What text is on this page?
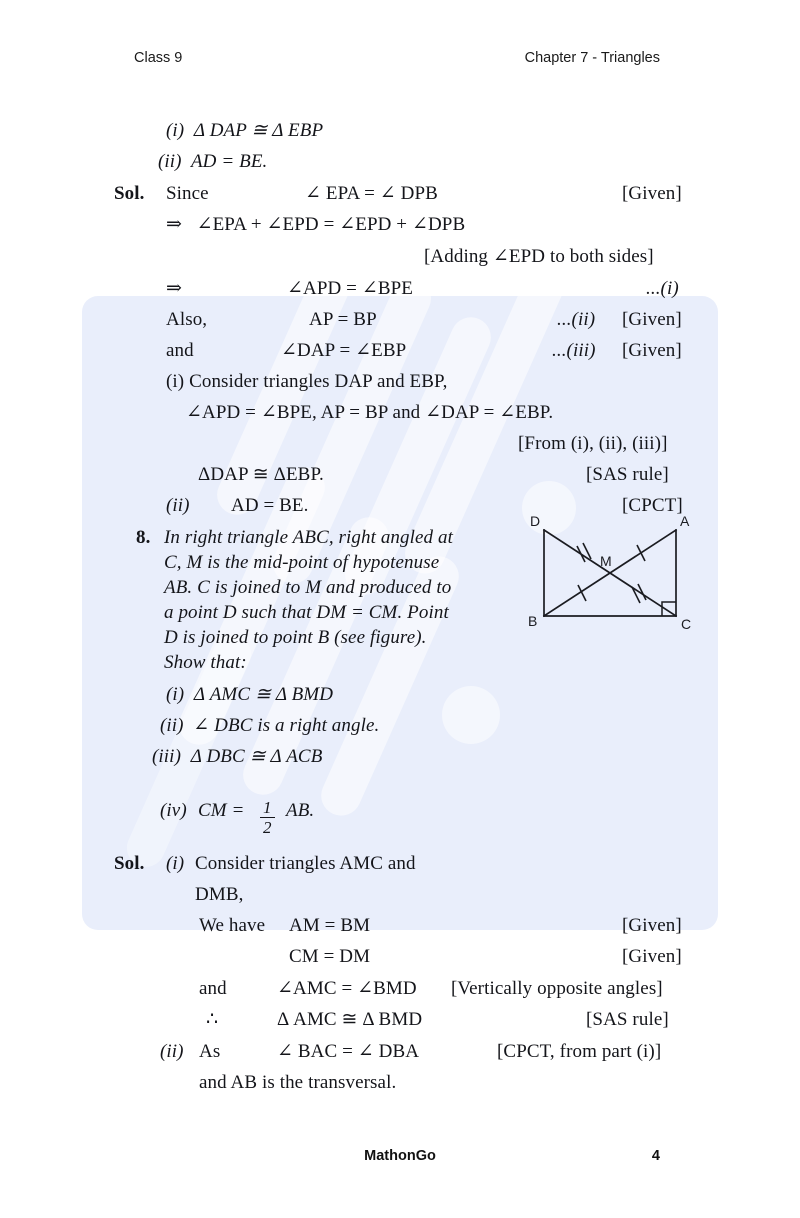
Class 9	Chapter 7 - Triangles
D	A
M
B	C
(i)  Δ DAP ≅ Δ EBP
(ii)  AD = BE.
Sol. Since	∠ EPA = ∠ DPB	[Given]
⇒   ∠EPA + ∠EPD = ∠EPD + ∠DPB
[Adding ∠EPD to both sides]
⇒	∠APD = ∠BPE	...(i)
Also,	AP = BP	...(ii) [Given]
and	∠DAP = ∠EBP	...(iii) [Given]
(i) Consider triangles DAP and EBP,
∠APD = ∠BPE, AP = BP and ∠DAP = ∠EBP.
[From (i), (ii), (iii)]
ΔDAP ≅ ΔEBP.	[SAS rule]
(ii) AD = BE.	[CPCT]
8. In right triangle ABC, right angled at
C, M is the mid-point of hypotenuse
AB. C is joined to M and produced to
a point D such that DM = CM. Point
D is joined to point B (see figure).
Show that:
(i)  Δ AMC ≅ Δ BMD
(ii)  ∠ DBC is a right angle.
(iii)  Δ DBC ≅ Δ ACB
(iv) CM = $\frac{1}{2}$ AB.
Sol. (i) Consider triangles AMC and
DMB,
We have AM = BM	[Given]
CM = DM	[Given]
and	∠AMC = ∠BMD [Vertically opposite angles]
∴	Δ AMC ≅ Δ BMD	[SAS rule]
(ii) As	∠ BAC = ∠ DBA	[CPCT, from part (i)]
and AB is the transversal.
MathonGo	4
